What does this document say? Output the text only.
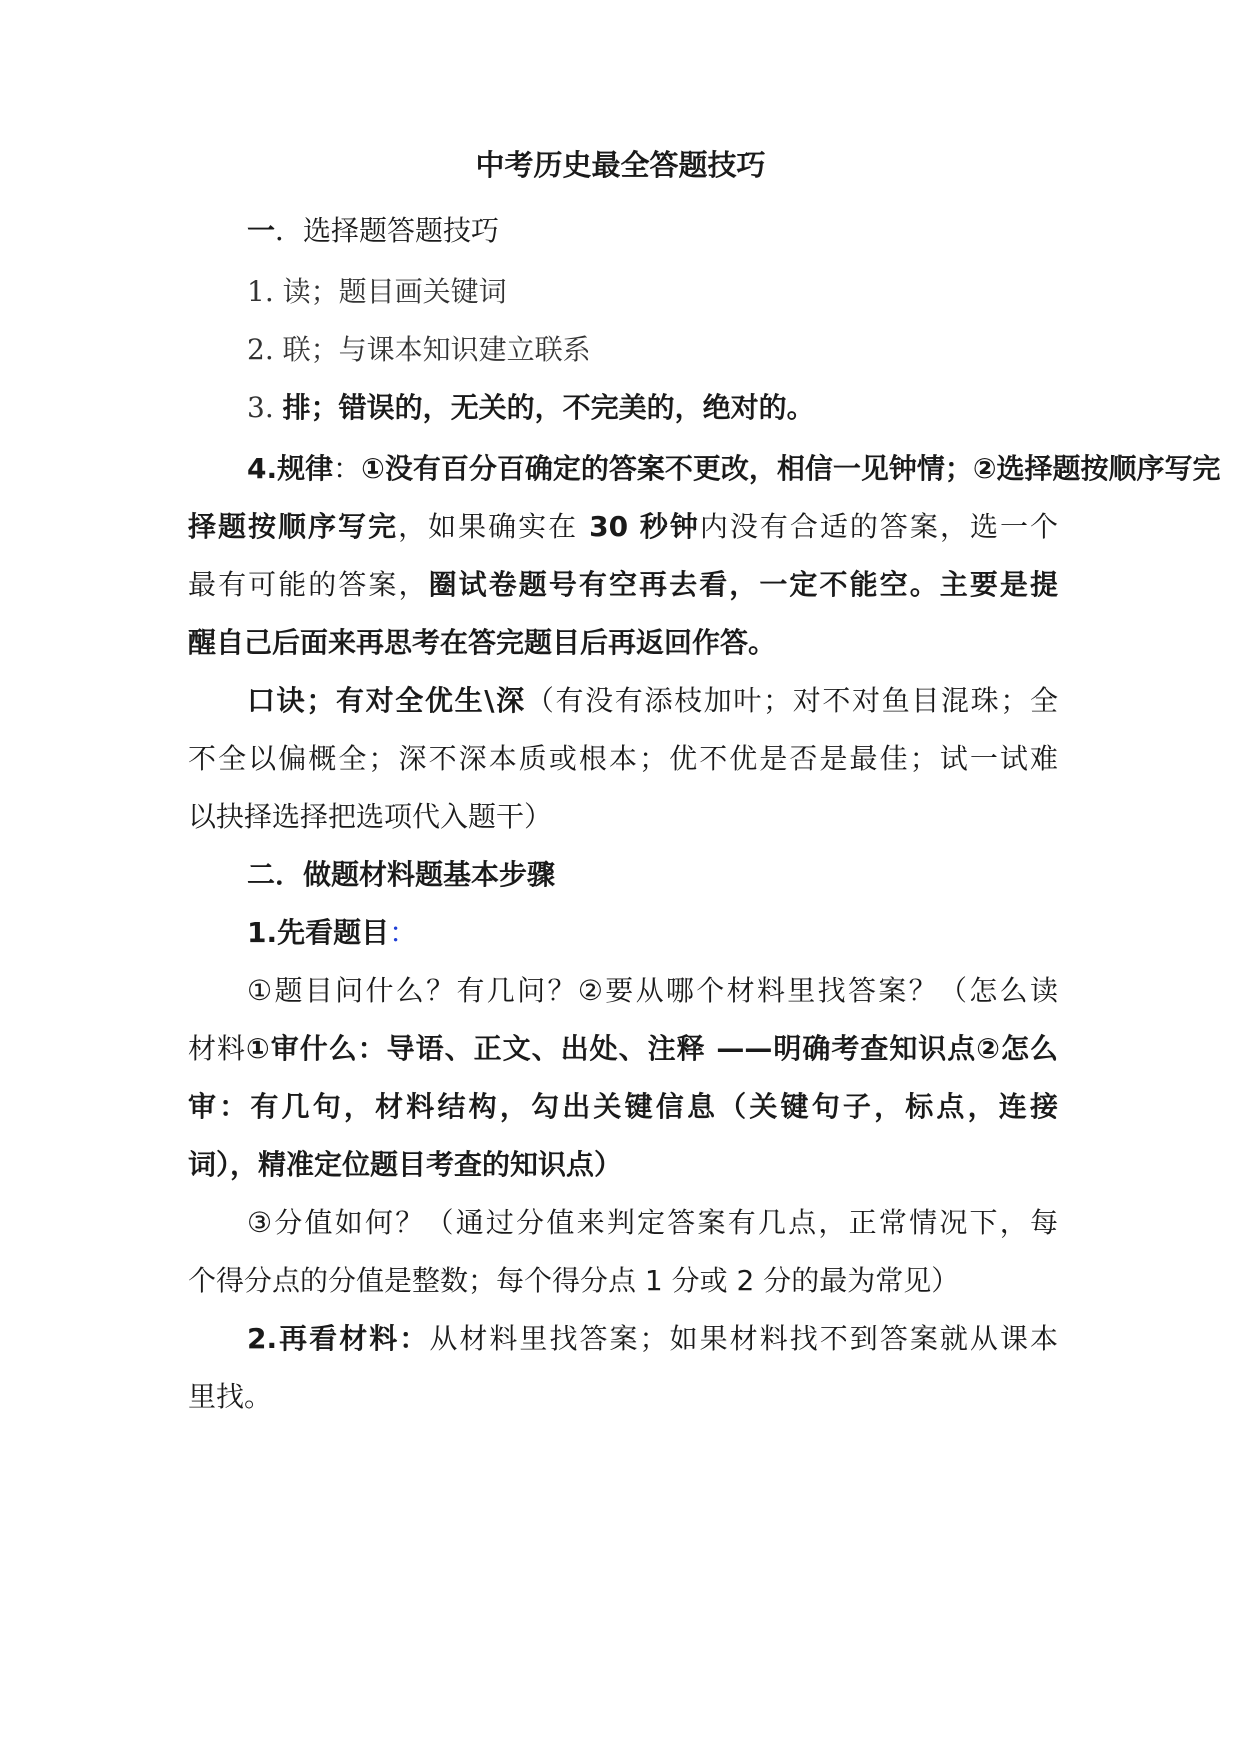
中考历史最全答题技巧
一．选择题答题技巧
1. 读；题目画关键词
2. 联；与课本知识建立联系
3. 排；错误的，无关的，不完美的，绝对的。
4.规律：①没有百分百确定的答案不更改，相信一见钟情；②选择题按顺序写完
择题按顺序写完，如果确实在 30 秒钟内没有合适的答案，选一个
最有可能的答案，圈试卷题号有空再去看，一定不能空。主要是提
醒自己后面来再思考在答完题目后再返回作答。
口诀；有对全优生\深（有没有添枝加叶；对不对鱼目混珠；全
不全以偏概全；深不深本质或根本；优不优是否是最佳；试一试难
以抉择选择把选项代入题干）
二．做题材料题基本步骤
1.先看题目：
①题目问什么？有几问？②要从哪个材料里找答案？（怎么读
材料①审什么：导语、正文、出处、注释 ——明确考查知识点②怎么
审：有几句，材料结构，勾出关键信息（关键句子，标点，连接
词），精准定位题目考查的知识点）
③分值如何？（通过分值来判定答案有几点，正常情况下，每
个得分点的分值是整数；每个得分点 1 分或 2 分的最为常见）
2.再看材料：从材料里找答案；如果材料找不到答案就从课本
里找。
